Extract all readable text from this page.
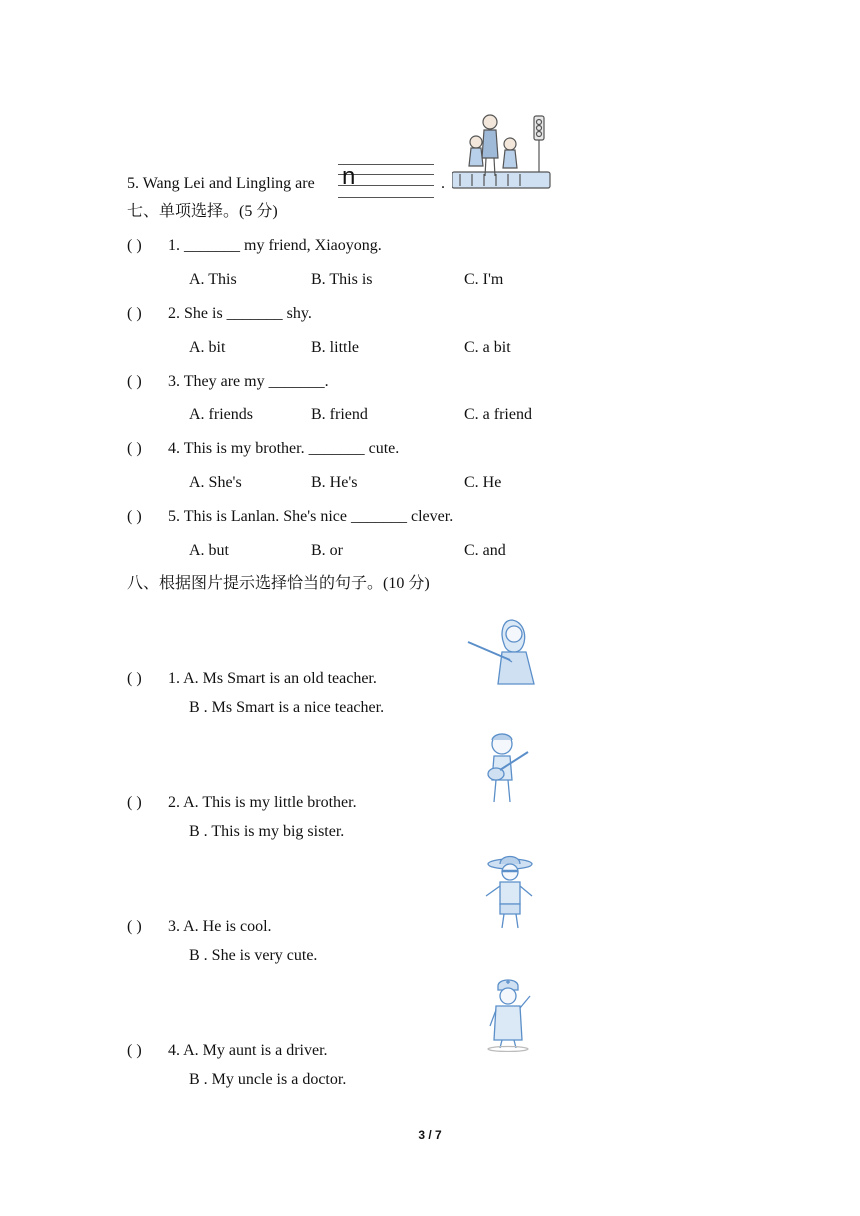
5. Wang Lei and Lingling are n	.
七、单项选择。(5 分)
( ) 1. _______ my friend, Xiaoyong.
A. This	B. This is	C. I'm
( ) 2. She is _______ shy.
A. bit	B. little	C. a bit
( ) 3. They are my _______.
A. friends	B. friend	C. a friend
( ) 4. This is my brother. _______ cute.
A. She's	B. He's	C. He
( ) 5. This is Lanlan. She's nice _______ clever.
A. but	B. or	C. and
八、根据图片提示选择恰当的句子。(10 分)
( ) 1. A. Ms Smart is an old teacher.
B . Ms Smart is a nice teacher.
( ) 2. A. This is my little brother.
B . This is my big sister.
( ) 3. A. He is cool.
B . She is very cute.
( ) 4. A. My aunt is a driver.
B . My uncle is a doctor.
3 / 7
